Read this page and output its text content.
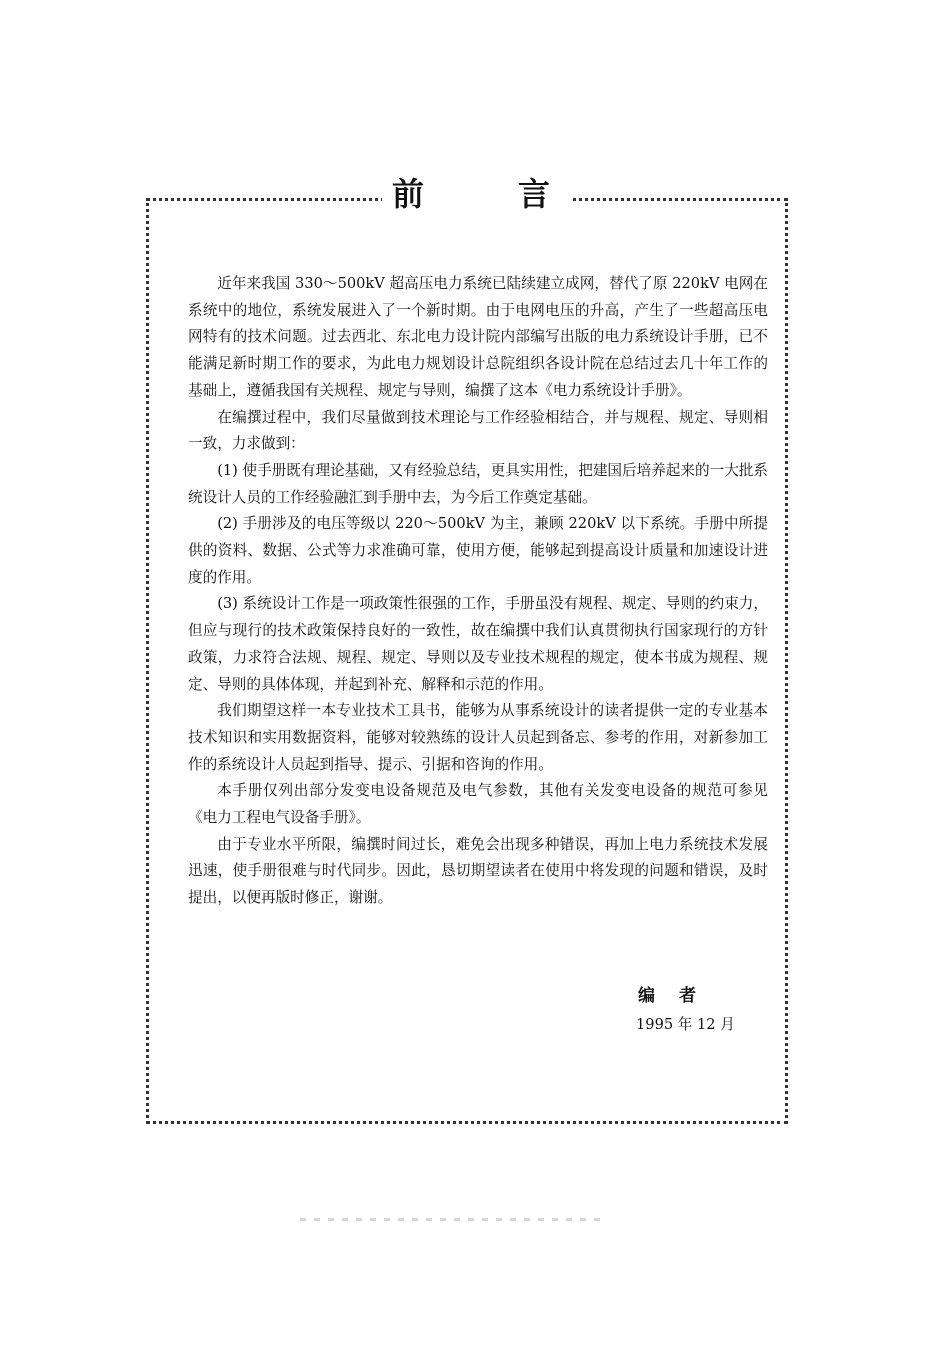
前	言

近年来我国 330～500kV 超高压电力系统已陆续建立成网，替代了原 220kV 电网在系统中的地位，系统发展进入了一个新时期。由于电网电压的升高，产生了一些超高压电网特有的技术问题。过去西北、东北电力设计院内部编写出版的电力系统设计手册，已不能满足新时期工作的要求，为此电力规划设计总院组织各设计院在总结过去几十年工作的基础上，遵循我国有关规程、规定与导则，编撰了这本《电力系统设计手册》。

在编撰过程中，我们尽量做到技术理论与工作经验相结合，并与规程、规定、导则相一致，力求做到：

(1) 使手册既有理论基础，又有经验总结，更具实用性，把建国后培养起来的一大批系统设计人员的工作经验融汇到手册中去，为今后工作奠定基础。

(2) 手册涉及的电压等级以 220～500kV 为主，兼顾 220kV 以下系统。手册中所提供的资料、数据、公式等力求准确可靠，使用方便，能够起到提高设计质量和加速设计进度的作用。

(3) 系统设计工作是一项政策性很强的工作，手册虽没有规程、规定、导则的约束力，但应与现行的技术政策保持良好的一致性，故在编撰中我们认真贯彻执行国家现行的方针政策，力求符合法规、规程、规定、导则以及专业技术规程的规定，使本书成为规程、规定、导则的具体体现，并起到补充、解释和示范的作用。

我们期望这样一本专业技术工具书，能够为从事系统设计的读者提供一定的专业基本技术知识和实用数据资料，能够对较熟练的设计人员起到备忘、参考的作用，对新参加工作的系统设计人员起到指导、提示、引据和咨询的作用。

本手册仅列出部分发变电设备规范及电气参数，其他有关发变电设备的规范可参见《电力工程电气设备手册》。

由于专业水平所限，编撰时间过长，难免会出现多种错误，再加上电力系统技术发展迅速，使手册很难与时代同步。因此，恳切期望读者在使用中将发现的问题和错误，及时提出，以便再版时修正，谢谢。

编者
1995 年 12 月
